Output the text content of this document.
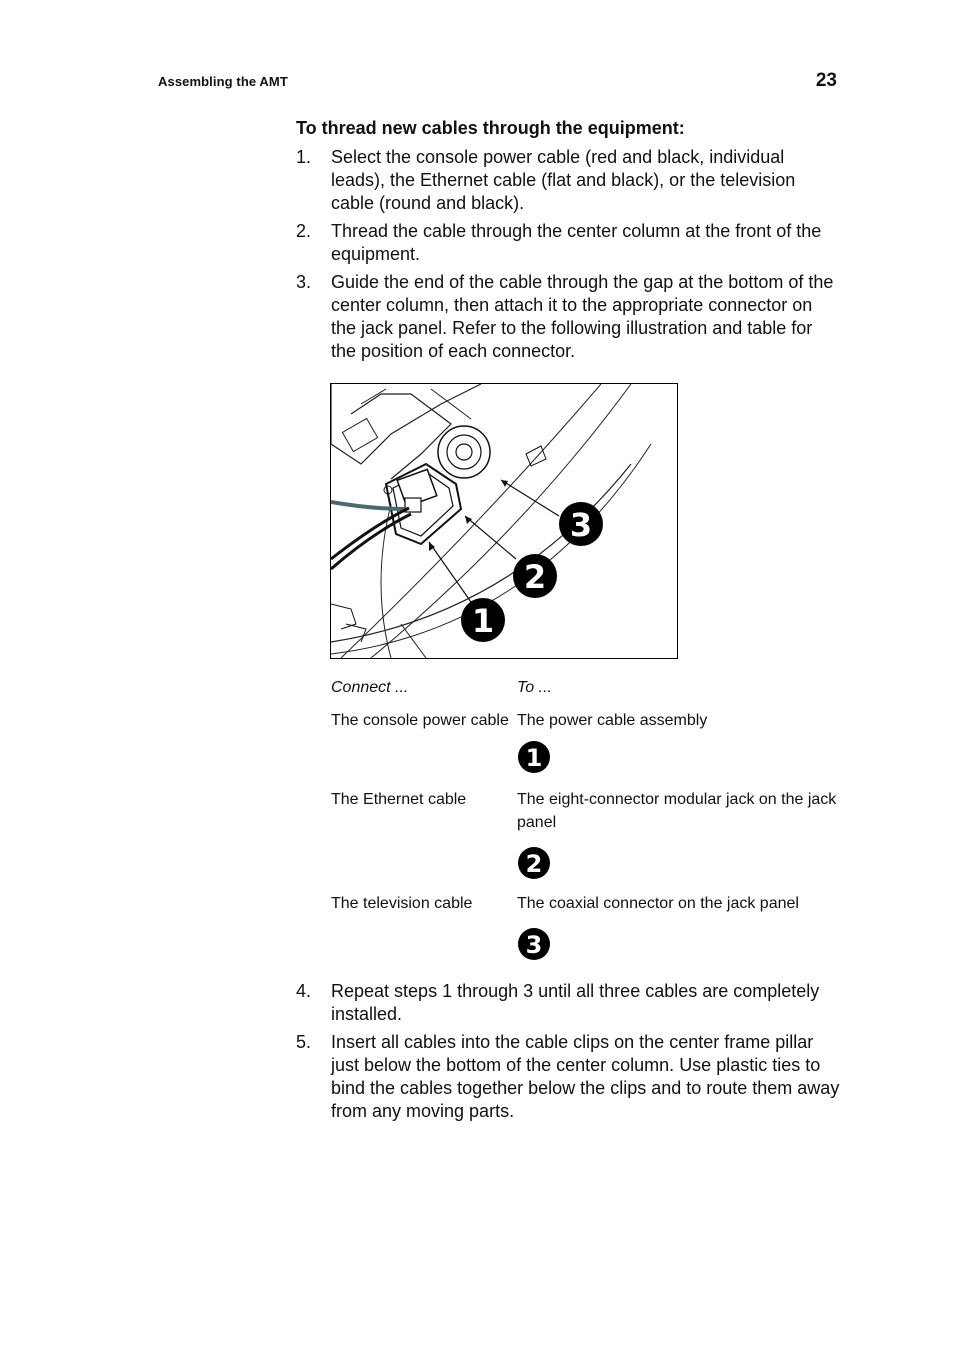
Assembling the AMT	23
To thread new cables through the equipment:
1. Select the console power cable (red and black, individual leads), the Ethernet cable (flat and black), or the television cable (round and black).
2. Thread the cable through the center column at the front of the equipment.
3. Guide the end of the cable through the gap at the bottom of the center column, then attach it to the appropriate connector on the jack panel. Refer to the following illustration and table for the position of each connector.
1
2
3
Connect ...	To ...
The console power cable	The power cable assembly
1

The Ethernet cable	The eight-connector modular jack on the jack panel
2

The television cable	The coaxial connector on the jack panel
3
4. Repeat steps 1 through 3 until all three cables are completely installed.
5. Insert all cables into the cable clips on the center frame pillar just below the bottom of the center column. Use plastic ties to bind the cables together below the clips and to route them away from any moving parts.
